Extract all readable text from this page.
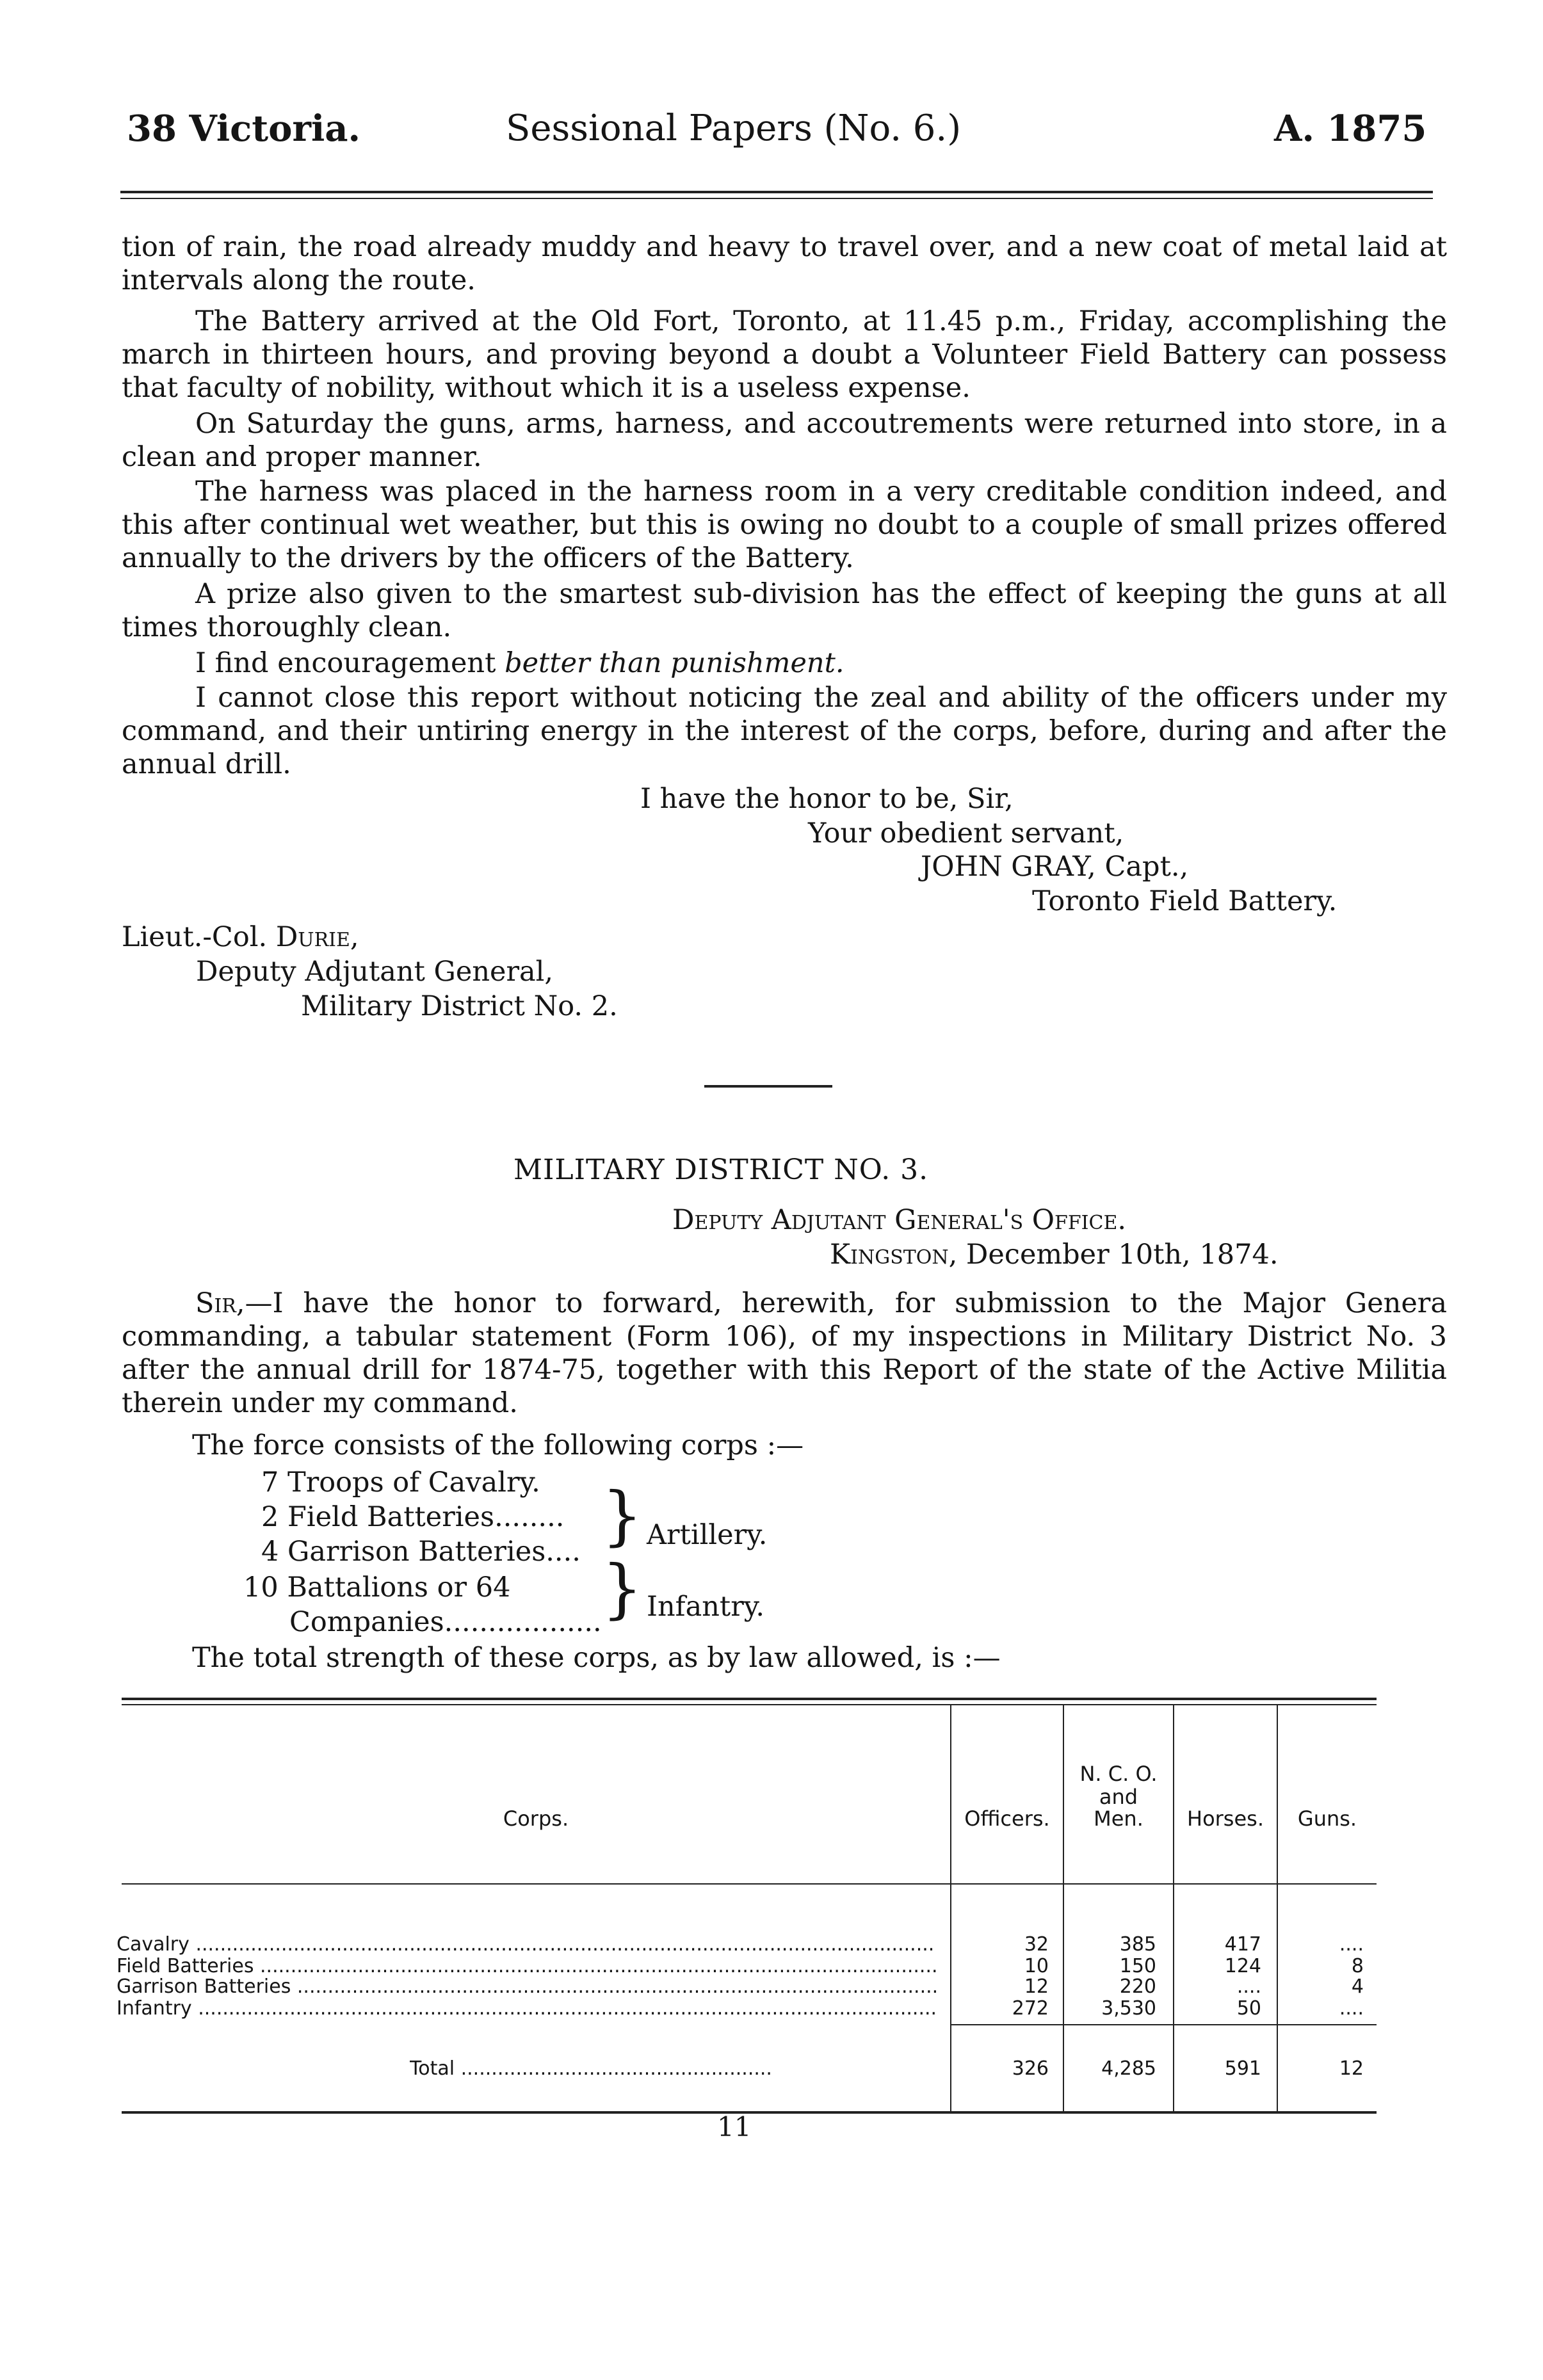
38 Victoria.	Sessional Papers (No. 6.)	A. 1875
tion of rain, the road already muddy and heavy to travel over, and a new coat of metal laid at intervals along the route.
The Battery arrived at the Old Fort, Toronto, at 11.45 p.m., Friday, accomplishing the march in thirteen hours, and proving beyond a doubt a Volunteer Field Battery can possess that faculty of nobility, without which it is a useless expense.
On Saturday the guns, arms, harness, and accoutrements were returned into store, in a clean and proper manner.
The harness was placed in the harness room in a very creditable condition indeed, and this after continual wet weather, but this is owing no doubt to a couple of small prizes offered annually to the drivers by the officers of the Battery.
A prize also given to the smartest sub-division has the effect of keeping the guns at all times thoroughly clean.
I find encouragement better than punishment.
I cannot close this report without noticing the zeal and ability of the officers under my command, and their untiring energy in the interest of the corps, before, during and after the annual drill.
I have the honor to be, Sir,
Your obedient servant,
JOHN GRAY, Capt.,
Toronto Field Battery.
Lieut.-Col. Durie,
Deputy Adjutant General,
Military District No. 2.
MILITARY DISTRICT NO. 3.
Deputy Adjutant General's Office.
Kingston, December 10th, 1874.
Sir,—I have the honor to forward, herewith, for submission to the Major Genera commanding, a tabular statement (Form 106), of my inspections in Military District No. 3 after the annual drill for 1874-75, together with this Report of the state of the Active Militia therein under my command.
The force consists of the following corps :—
7 Troops of Cavalry.
2 Field Batteries........
4 Garrison Batteries.... } Artillery.
10 Battalions or 64
Companies.................. } Infantry.
The total strength of these corps, as by law allowed, is :—
Corps.	Officers.
N. C. O.
and
Men.	Horses.	Guns.
Cavalry .....	32	385	417	....
Field Batteries .....	10	150	124	8
Garrison Batteries .....	12	220	....	4
Infantry .....	272	3,530	50	....
Total ...................................................	326	4,285	591	12
11
